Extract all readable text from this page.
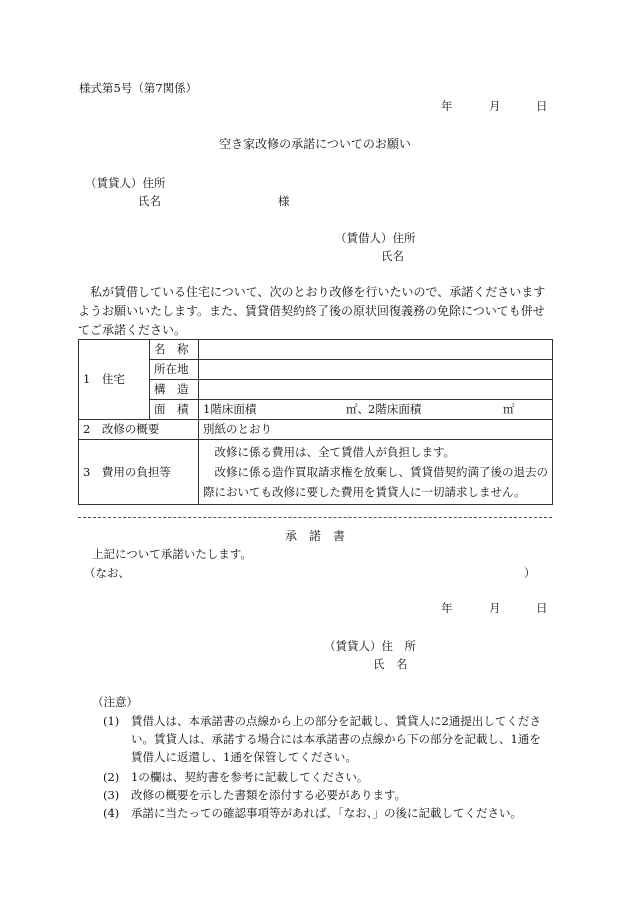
様式第5号（第7関係）
年	月	日
空き家改修の承諾についてのお願い
（賃貸人）住所
氏名	様
（賃借人）住所
氏名
私が賃借している住宅について、次のとおり改修を行いたいので、承諾くださいますようお願いいたします。また、賃貸借契約終了後の原状回復義務の免除についても併せてご承諾ください。
1　住宅	名　称	
	所在地	
	構　造	
	面　積	1階床面積 ㎡、 2階床面積 ㎡

2　改修の概要		別紙のとおり
3　費用の負担等		改修に係る費用は、全て賃借人が負担します。
改修に係る造作買取請求権を放棄し、賃貸借契約満了後の退去の際においても改修に要した費用を賃貸人に一切請求しません。
承　諾　書
上記について承諾いたします。
（なお、	）
年	月	日
（賃貸人）住　所
氏　名
（注意）
(1) 賃借人は、本承諾書の点線から上の部分を記載し、賃貸人に2通提出してください。賃貸人は、承諾する場合には本承諾書の点線から下の部分を記載し、1通を賃借人に返還し、1通を保管してください。
(2) 1の欄は、契約書を参考に記載してください。
(3) 改修の概要を示した書類を添付する必要があります。
(4) 承諾に当たっての確認事項等があれば、「なお、」の後に記載してください。
